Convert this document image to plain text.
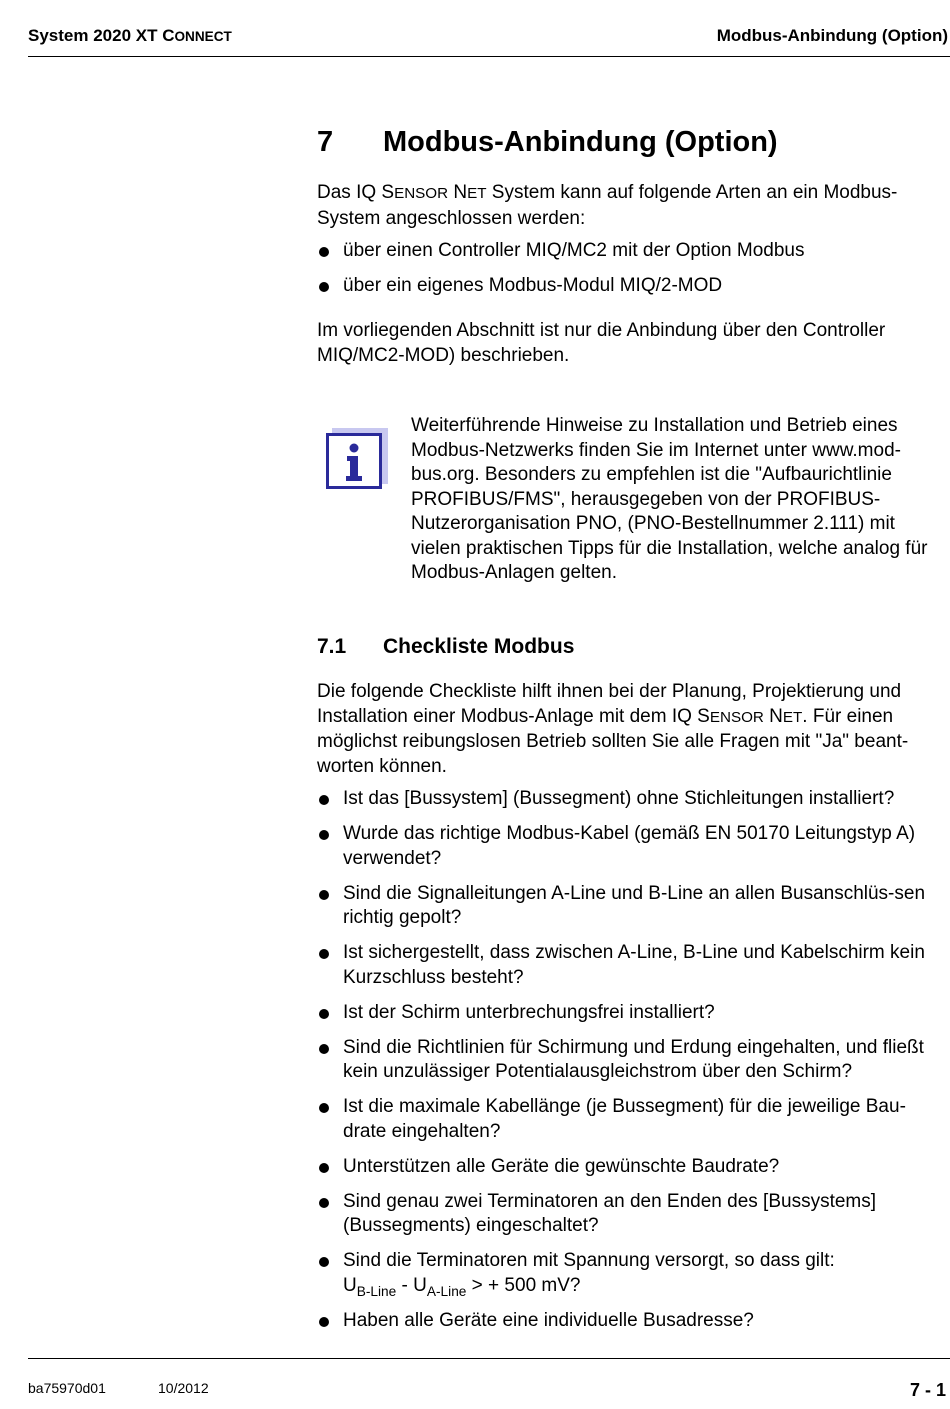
System 2020 XT CONNECT	Modbus-Anbindung (Option)
7 Modbus-Anbindung (Option)
Das IQ SENSOR NET System kann auf folgende Arten an ein Modbus-System angeschlossen werden:
über einen Controller MIQ/MC2 mit der Option Modbus
über ein eigenes Modbus-Modul MIQ/2-MOD
Im vorliegenden Abschnitt ist nur die Anbindung über den Controller MIQ/MC2-MOD) beschrieben.
7.1 Checkliste Modbus
Die folgende Checkliste hilft ihnen bei der Planung, Projektierung und Installation einer Modbus-Anlage mit dem IQ SENSOR NET. Für einen möglichst reibungslosen Betrieb sollten Sie alle Fragen mit "Ja" beant-worten können.
Ist das [Bussystem] (Bussegment) ohne Stichleitungen installiert?
Wurde das richtige Modbus-Kabel (gemäß EN 50170 Leitungstyp A) verwendet?
Sind die Signalleitungen A-Line und B-Line an allen Busanschlüs-sen richtig gepolt?
Ist sichergestellt, dass zwischen A-Line, B-Line und Kabelschirm kein Kurzschluss besteht?
Ist der Schirm unterbrechungsfrei installiert?
Sind die Richtlinien für Schirmung und Erdung eingehalten, und fließt kein unzulässiger Potentialausgleichstrom über den Schirm?
Ist die maximale Kabellänge (je Bussegment) für die jeweilige Bau-drate eingehalten?
Unterstützen alle Geräte die gewünschte Baudrate?
Sind genau zwei Terminatoren an den Enden des [Bussystems] (Bussegments) eingeschaltet?
Sind die Terminatoren mit Spannung versorgt, so dass gilt:
$U_{B-Line} - U_{A-Line}$ > + 500 mV?
Haben alle Geräte eine individuelle Busadresse?
Weiterführende Hinweise zu Installation und Betrieb eines Modbus-Netzwerks finden Sie im Internet unter www.mod-bus.org. Besonders zu empfehlen ist die "Aufbaurichtlinie PROFIBUS/FMS", herausgegeben von der PROFIBUS-Nutzerorganisation PNO, (PNO-Bestellnummer 2.111) mit vielen praktischen Tipps für die Installation, welche analog für Modbus-Anlagen gelten.
ba75970d01	10/2012	7 - 1
